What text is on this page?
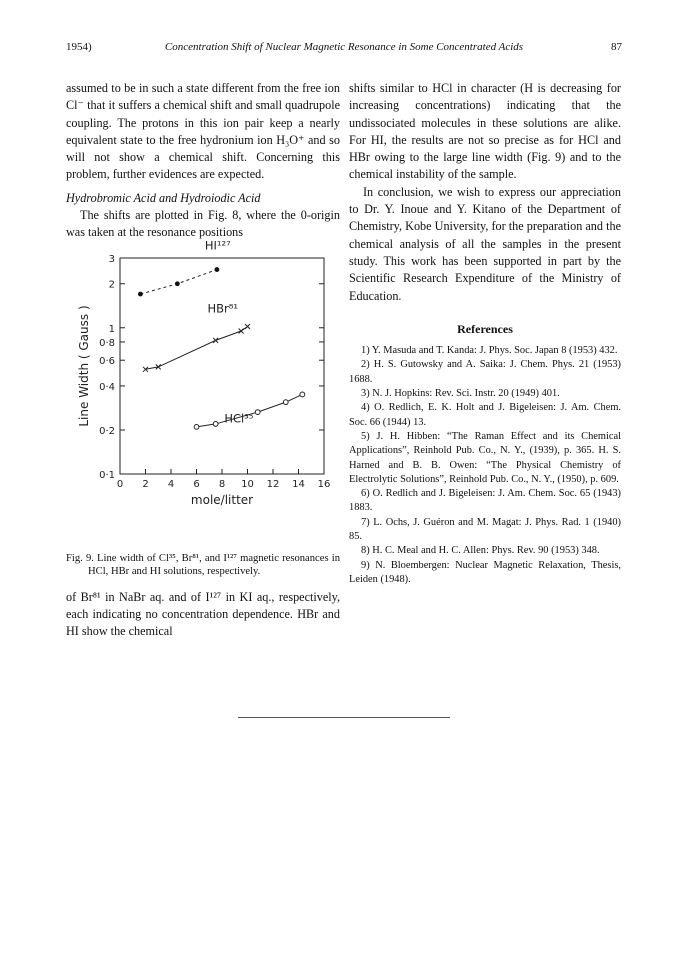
1954)	Concentration Shift of Nuclear Magnetic Resonance in Some Concentrated Acids	87

assumed to be in such a state different from the free ion Cl⁻ that it suffers a chemical shift and small quadrupole coupling. The protons in this ion pair keep a nearly equivalent state to the free hydronium ion H₃O⁺ and so will not show a chemical shift. Concerning this problem, further evidences are expected.

Hydrobromic Acid and Hydroiodic Acid

The shifts are plotted in Fig. 8, where the 0-origin was taken at the resonance positions

0 2 4 6 8 10 12 14 16
0·1
0·2
0·4
0·6
0·8
1
2
3
mole/litter
Line Width ( Gauss )
HI¹²⁷
HBr⁸¹
HCl³⁵

Fig. 9. Line width of Cl³⁵, Br⁸¹, and I¹²⁷ magnetic resonances in HCl, HBr and HI solutions, respectively.

of Br⁸¹ in NaBr aq. and of I¹²⁷ in KI aq., respectively, each indicating no concentration dependence. HBr and HI show the chemical

shifts similar to HCl in character (H is decreasing for increasing concentrations) indicating that the undissociated molecules in these solutions are alike. For HI, the results are not so precise as for HCl and HBr owing to the large line width (Fig. 9) and to the chemical instability of the sample.

In conclusion, we wish to express our appreciation to Dr. Y. Inoue and Y. Kitano of the Department of Chemistry, Kobe University, for the preparation and the chemical analysis of all the samples in the present study. This work has been supported in part by the Scientific Research Expenditure of the Ministry of Education.

References

1) Y. Masuda and T. Kanda: J. Phys. Soc. Japan 8 (1953) 432.

2) H. S. Gutowsky and A. Saika: J. Chem. Phys. 21 (1953) 1688.

3) N. J. Hopkins: Rev. Sci. Instr. 20 (1949) 401.

4) O. Redlich, E. K. Holt and J. Bigeleisen: J. Am. Chem. Soc. 66 (1944) 13.

5) J. H. Hibben: “The Raman Effect and its Chemical Applications”, Reinhold Pub. Co., N. Y., (1939), p. 365. H. S. Harned and B. B. Owen: “The Physical Chemistry of Electrolytic Solutions”, Reinhold Pub. Co., N. Y., (1950), p. 609.

6) O. Redlich and J. Bigeleisen: J. Am. Chem. Soc. 65 (1943) 1883.

7) L. Ochs, J. Guéron and M. Magat: J. Phys. Rad. 1 (1940) 85.

8) H. C. Meal and H. C. Allen: Phys. Rev. 90 (1953) 348.

9) N. Bloembergen: Nuclear Magnetic Relaxation, Thesis, Leiden (1948).
